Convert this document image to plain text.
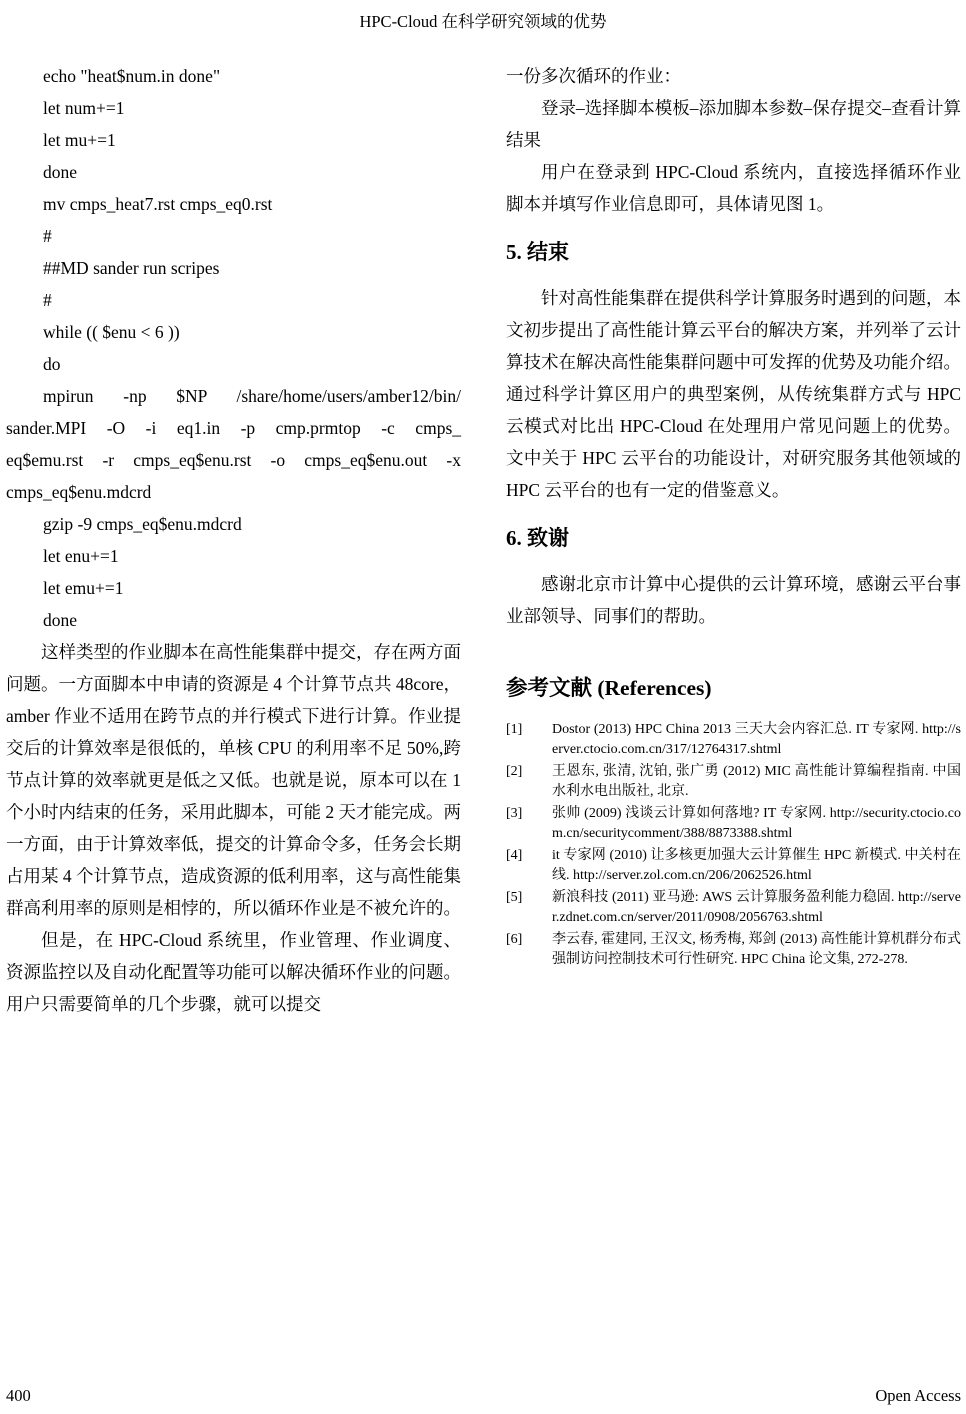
HPC-Cloud 在科学研究领域的优势
echo "heat$num.in done"
let num+=1
let mu+=1
done
mv cmps_heat7.rst cmps_eq0.rst
#
##MD sander run scripes
#
while (( $enu < 6 ))
do
mpirun -np $NP /share/home/users/amber12/bin/
sander.MPI -O -i eq1.in -p cmp.prmtop -c cmps_
eq$emu.rst -r cmps_eq$enu.rst -o cmps_eq$enu.out -x
cmps_eq$enu.mdcrd
gzip -9 cmps_eq$enu.mdcrd
let enu+=1
let emu+=1
done

这样类型的作业脚本在高性能集群中提交，存在两方面问题。一方面脚本中申请的资源是 4 个计算节点共 48core，amber 作业不适用在跨节点的并行模式下进行计算。作业提交后的计算效率是很低的，单核 CPU 的利用率不足 50%,跨节点计算的效率就更是低之又低。也就是说，原本可以在 1 个小时内结束的任务，采用此脚本，可能 2 天才能完成。两一方面，由于计算效率低，提交的计算命令多，任务会长期占用某 4 个计算节点，造成资源的低利用率，这与高性能集群高利用率的原则是相悖的，所以循环作业是不被允许的。

但是，在 HPC-Cloud 系统里，作业管理、作业调度、资源监控以及自动化配置等功能可以解决循环作业的问题。用户只需要简单的几个步骤，就可以提交

一份多次循环的作业：

登录–选择脚本模板–添加脚本参数–保存提交–查看计算结果

用户在登录到 HPC-Cloud 系统内，直接选择循环作业脚本并填写作业信息即可，具体请见图 1。

5. 结束

针对高性能集群在提供科学计算服务时遇到的问题，本文初步提出了高性能计算云平台的解决方案，并列举了云计算技术在解决高性能集群问题中可发挥的优势及功能介绍。通过科学计算区用户的典型案例，从传统集群方式与 HPC 云模式对比出 HPC-Cloud 在处理用户常见问题上的优势。文中关于 HPC 云平台的功能设计，对研究服务其他领域的 HPC 云平台的也有一定的借鉴意义。

6. 致谢

感谢北京市计算中心提供的云计算环境，感谢云平台事业部领导、同事们的帮助。

参考文献 (References)
[1]	Dostor (2013) HPC China 2013 三天大会内容汇总. IT 专家网. http://server.ctocio.com.cn/317/12764317.shtml
[2]	王恩东, 张清, 沈铂, 张广勇 (2012) MIC 高性能计算编程指南. 中国水利水电出版社, 北京.
[3]	张帅 (2009) 浅谈云计算如何落地? IT 专家网. http://security.ctocio.com.cn/securitycomment/388/8873388.shtml
[4]	it 专家网 (2010) 让多核更加强大云计算催生 HPC 新模式. 中关村在线. http://server.zol.com.cn/206/2062526.html
[5]	新浪科技 (2011) 亚马逊: AWS 云计算服务盈利能力稳固. http://server.zdnet.com.cn/server/2011/0908/2056763.shtml
[6]	李云春, 霍建同, 王汉文, 杨秀梅, 郑剑 (2013) 高性能计算机群分布式强制访问控制技术可行性研究. HPC China 论文集, 272-278.
400	Open Access
